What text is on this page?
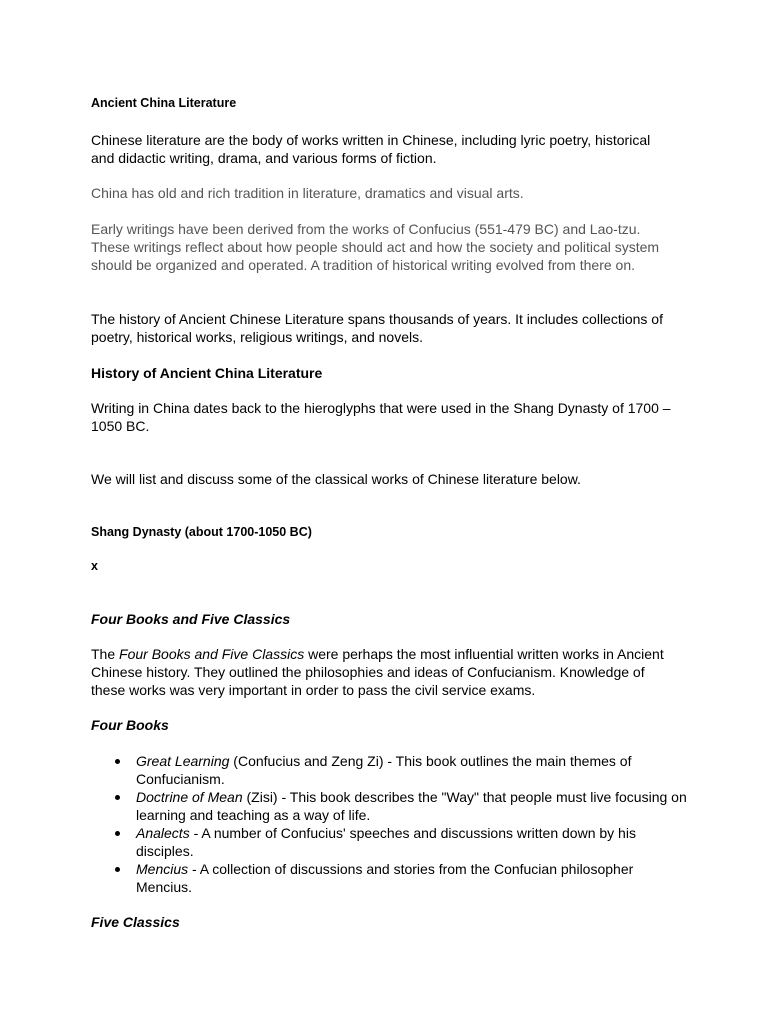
Ancient China Literature

Chinese literature are the body of works written in Chinese, including lyric poetry, historical and didactic writing, drama, and various forms of fiction.

China has old and rich tradition in literature, dramatics and visual arts.

Early writings have been derived from the works of Confucius (551-479 BC) and Lao-tzu. These writings reflect about how people should act and how the society and political system should be organized and operated. A tradition of historical writing evolved from there on.

The history of Ancient Chinese Literature spans thousands of years. It includes collections of poetry, historical works, religious writings, and novels.

History of Ancient China Literature

Writing in China dates back to the hieroglyphs that were used in the Shang Dynasty of 1700 – 1050 BC.

We will list and discuss some of the classical works of Chinese literature below.

Shang Dynasty (about 1700-1050 BC)
x
Four Books and Five Classics

The Four Books and Five Classics were perhaps the most influential written works in Ancient Chinese history. They outlined the philosophies and ideas of Confucianism. Knowledge of these works was very important in order to pass the civil service exams.

Four Books
Great Learning (Confucius and Zeng Zi) - This book outlines the main themes of Confucianism.
Doctrine of Mean (Zisi) - This book describes the "Way" that people must live focusing on learning and teaching as a way of life.
Analects - A number of Confucius' speeches and discussions written down by his disciples.
Mencius - A collection of discussions and stories from the Confucian philosopher Mencius.
Five Classics
